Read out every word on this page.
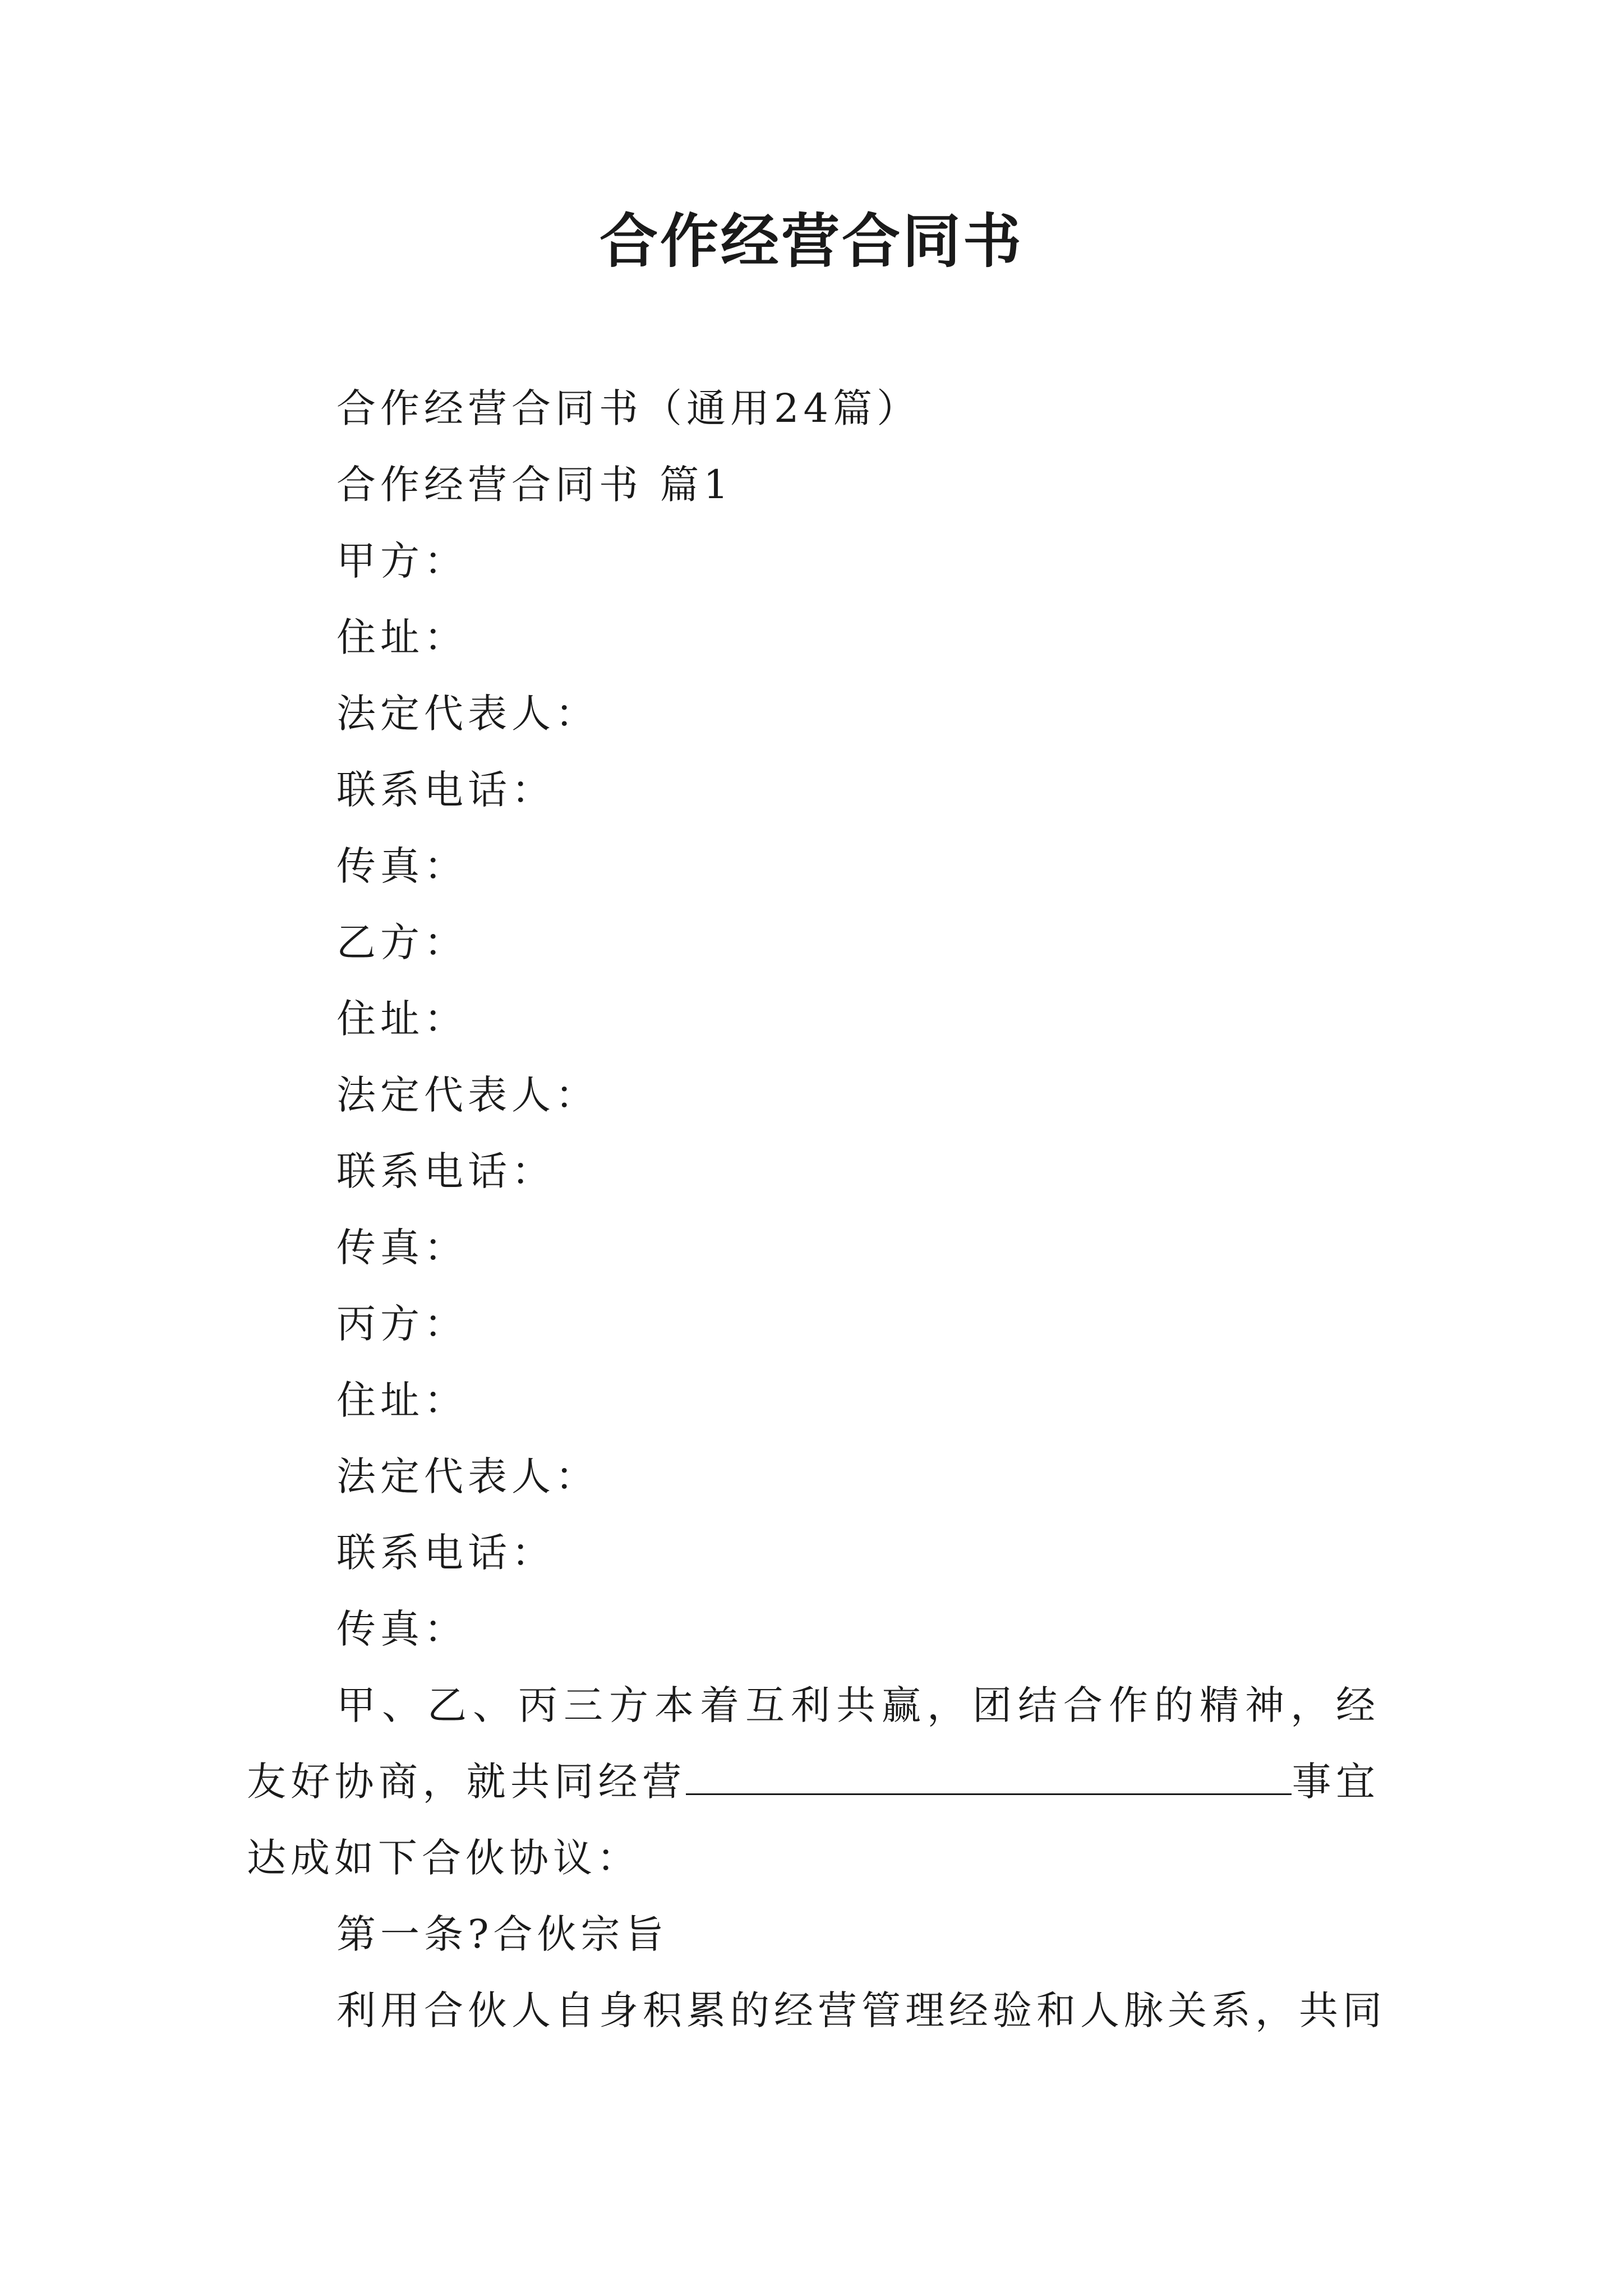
合作经营合同书
合作经营合同书（通用24篇）
合作经营合同书 篇1
甲方：
住址：
法定代表人：
联系电话：
传真：
乙方：
住址：
法定代表人：
联系电话：
传真：
丙方：
住址：
法定代表人：
联系电话：
传真：
甲、乙、丙三方本着互利共赢，团结合作的精神，经友好协商，就共同经营	事宜达成如下合伙协议：
第一条?合伙宗旨
利用合伙人自身积累的经营管理经验和人脉关系，共同
